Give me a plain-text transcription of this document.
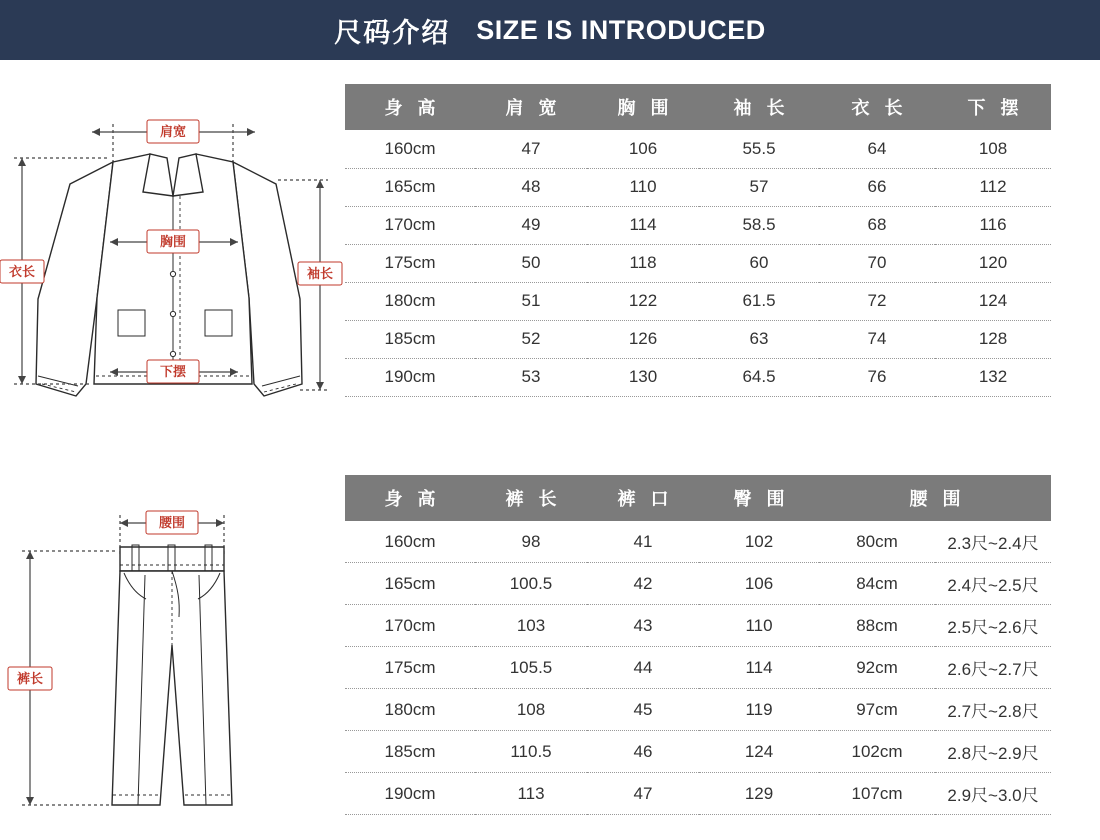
尺码介绍 SIZE IS INTRODUCED
肩宽
胸围
下摆
衣长	袖长
身 高	肩 宽	胸 围	袖 长	衣 长	下 摆
160cm	47	106	55.5	64	108
165cm	48	110	57	66	112
170cm	49	114	58.5	68	116
175cm	50	118	60	70	120
180cm	51	122	61.5	72	124
185cm	52	126	63	74	128
190cm	53	130	64.5	76	132
腰围
裤长
身 高	裤 长	裤 口	臀 围	腰 围	
160cm	98	41	102	80cm	2.3尺~2.4尺
165cm	100.5	42	106	84cm	2.4尺~2.5尺
170cm	103	43	110	88cm	2.5尺~2.6尺
175cm	105.5	44	114	92cm	2.6尺~2.7尺
180cm	108	45	119	97cm	2.7尺~2.8尺
185cm	110.5	46	124	102cm	2.8尺~2.9尺
190cm	113	47	129	107cm	2.9尺~3.0尺
